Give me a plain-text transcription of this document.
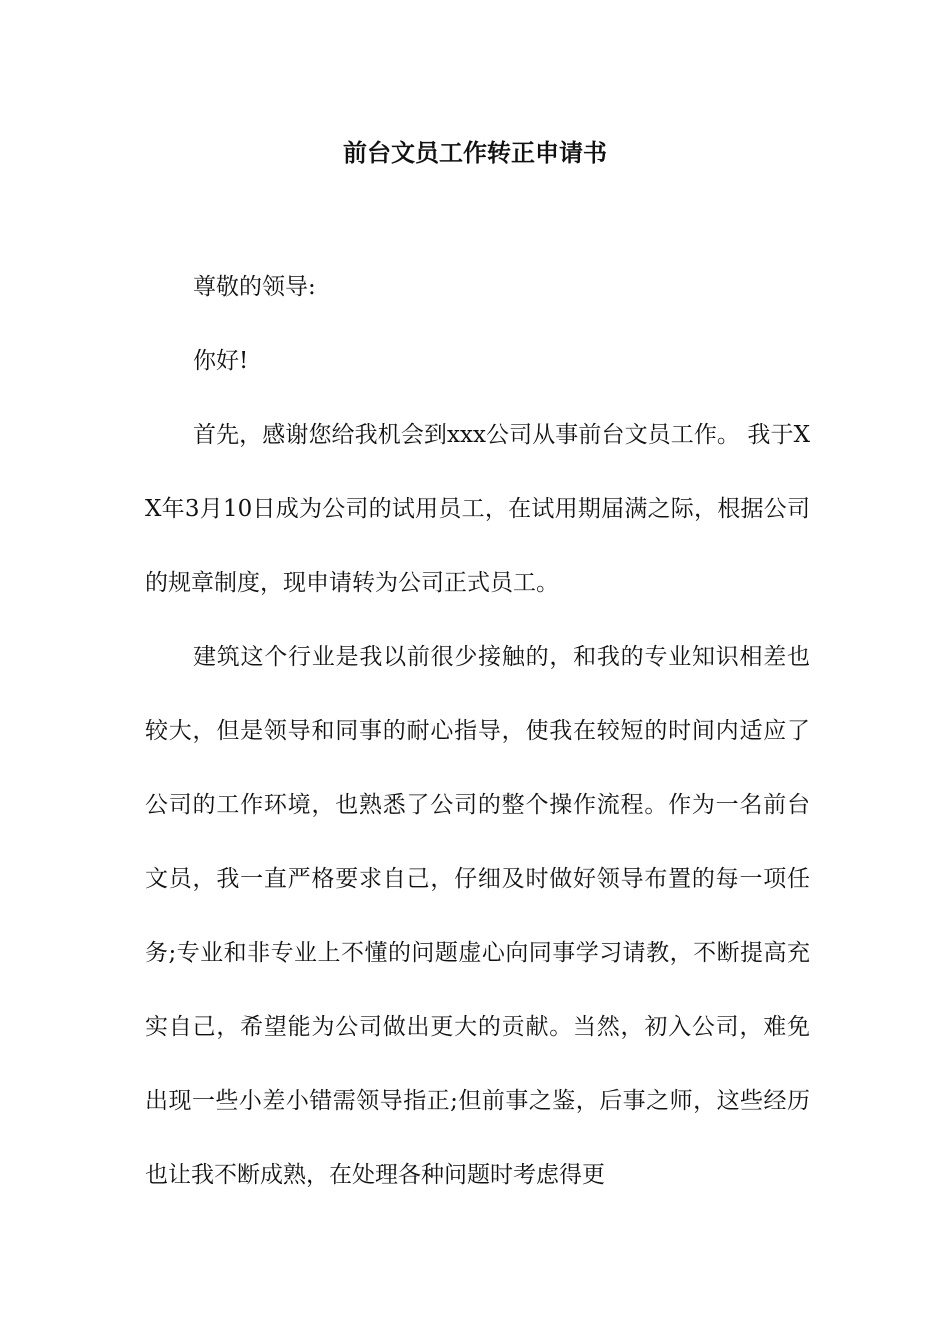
前台文员工作转正申请书

尊敬的领导:

你好!

首先，感谢您给我机会到xxx公司从事前台文员工作。 我于XX年3月10日成为公司的试用员工，在试用期届满之际，根据公司的规章制度，现申请转为公司正式员工。

建筑这个行业是我以前很少接触的，和我的专业知识相差也较大，但是领导和同事的耐心指导，使我在较短的时间内适应了公司的工作环境，也熟悉了公司的整个操作流程。作为一名前台文员，我一直严格要求自己，仔细及时做好领导布置的每一项任务;专业和非专业上不懂的问题虚心向同事学习请教，不断提高充实自己，希望能为公司做出更大的贡献。当然，初入公司，难免出现一些小差小错需领导指正;但前事之鉴，后事之师，这些经历也让我不断成熟，在处理各种问题时考虑得更
